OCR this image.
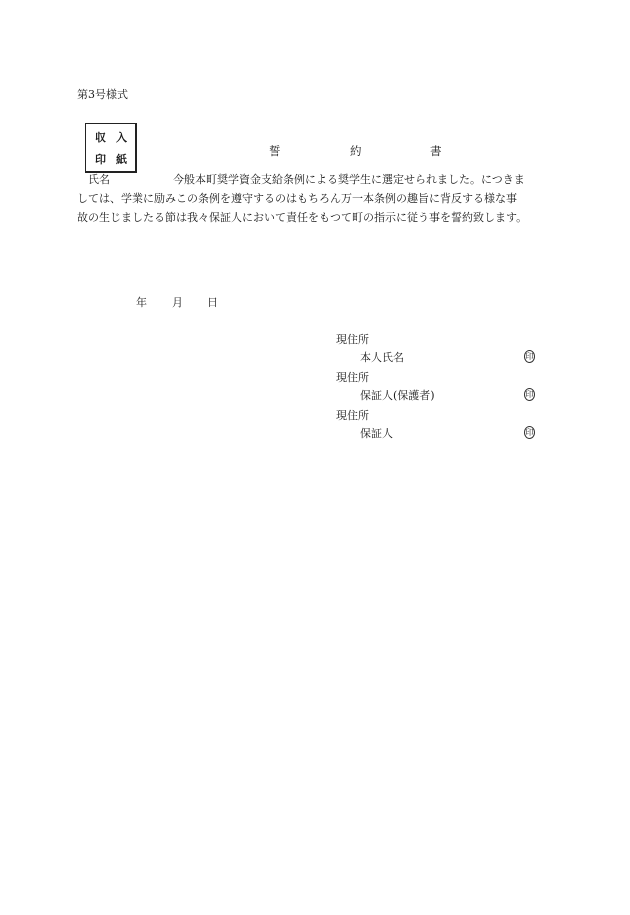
第3号様式
収 入
印 紙
誓	約	書
氏名	今般本町奨学資金支給条例による奨学生に選定せられました。につきま
しては、学業に励みこの条例を遵守するのはもちろん万一本条例の趣旨に背反する様な事
故の生じましたる節は我々保証人において責任をもつて町の指示に従う事を誓約致します。
年 月 日
現住所
本人氏名	印
現住所
保証人(保護者)	印
現住所
保証人	印
